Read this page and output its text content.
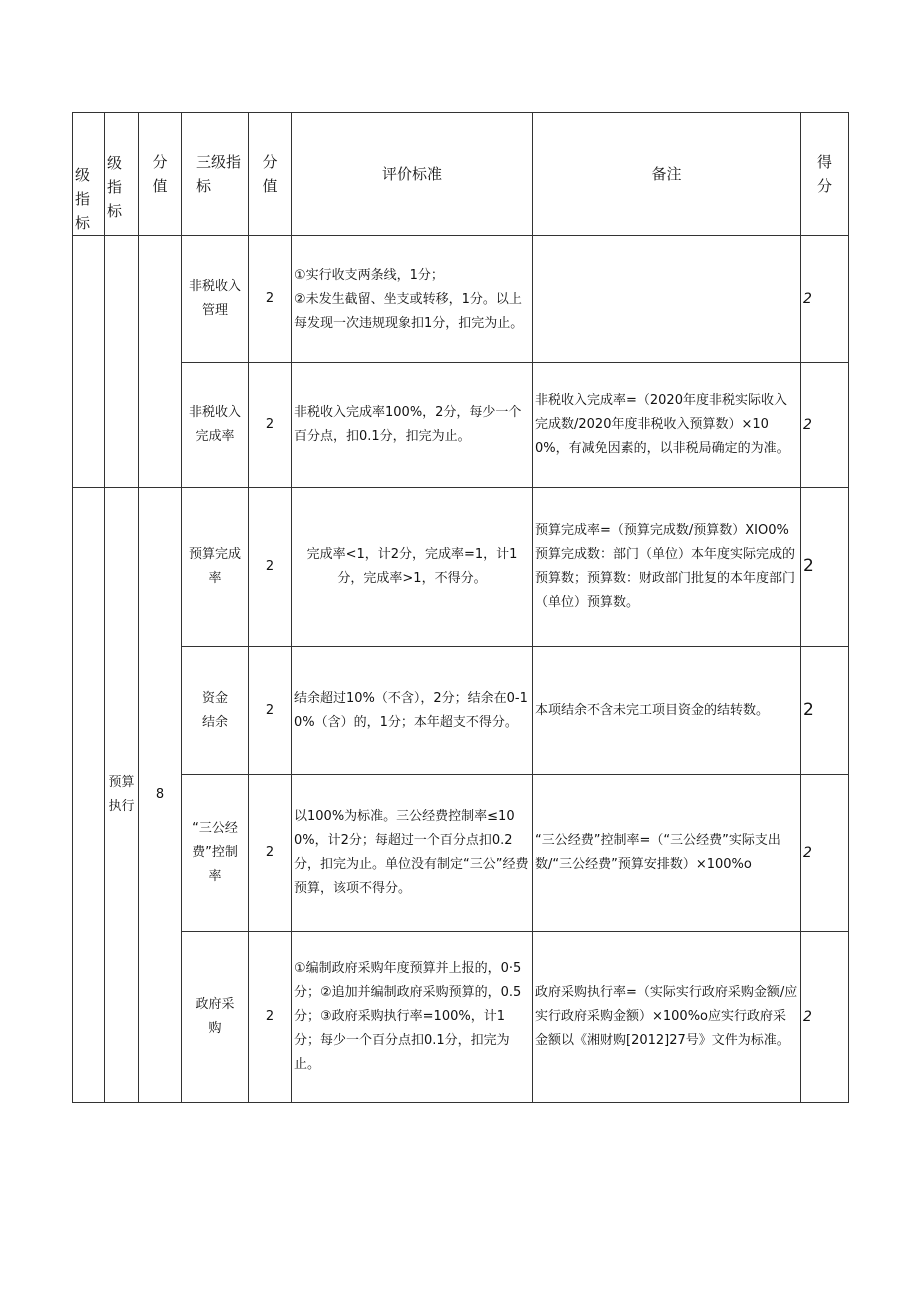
级指
标	级指
标	分
值	三级指
标	分
值	评价标准	备注	得
分

			非税收入管理	2	①实行收支两条线，1分；
②未发生截留、坐支或转移，1分。以上每发现一次违规现象扣1分，扣完为止。		2
			非税收入完成率	2	非税收入完成率100%，2分，每少一个百分点，扣0.1分，扣完为止。	非税收入完成率=（2020年度非税实际收入完成数/2020年度非税收入预算数）×100%，有减免因素的，以非税局确定的为准。	2
	预算执行	8	预算完成率	2	完成率<1，计2分，完成率=1，计1分，完成率>1，不得分。	预算完成率=（预算完成数/预算数）XIO0%预算完成数：部门（单位）本年度实际完成的预算数；预算数：财政部门批复的本年度部门（单位）预算数。	2
			资金结余	2	结余超过10%（不含），2分；结余在0-10%（含）的，1分；本年超支不得分。	本项结余不含未完工项目资金的结转数。	2
			“三公经费”控制率	2	以100%为标准。三公经费控制率≤100%，计2分；每超过一个百分点扣0.2分，扣完为止。单位没有制定“三公”经费预算，该项不得分。	“三公经费”控制率=（“三公经费”实际支出数/“三公经费”预算安排数）×100%o	2
			政府采购	2	①编制政府采购年度预算并上报的，0·5分；②追加并编制政府采购预算的，0.5分；③政府采购执行率=100%，计1分；每少一个百分点扣0.1分，扣完为止。	政府采购执行率=（实际实行政府采购金额/应实行政府采购金额）×100%o应实行政府采金额以《湘财购[2012]27号》文件为标准。	2
